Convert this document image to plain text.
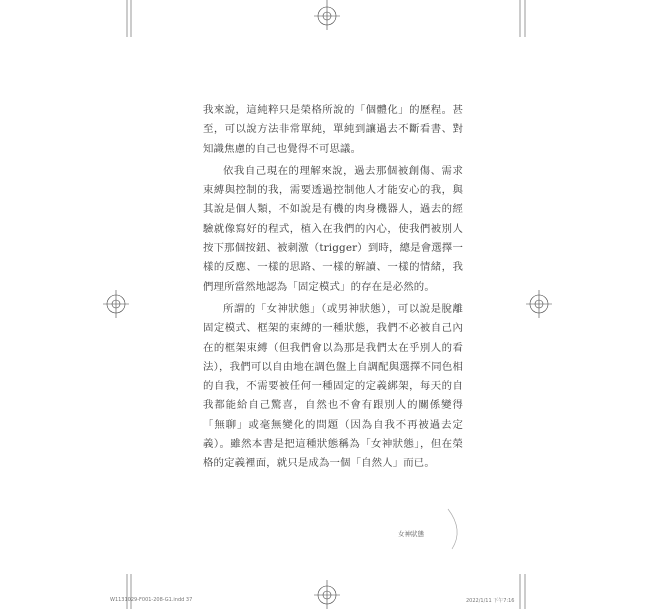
我來說，這純粹只是榮格所說的「個體化」的歷程。甚至，可以說方法非常單純，單純到讓過去不斷看書、對知識焦慮的自己也覺得不可思議。

依我自己現在的理解來說，過去那個被創傷、需求束縛與控制的我，需要透過控制他人才能安心的我，與其說是個人類，不如說是有機的肉身機器人，過去的經驗就像寫好的程式，植入在我們的內心，使我們被別人按下那個按鈕、被刺激（trigger）到時，總是會選擇一樣的反應、一樣的思路、一樣的解讀、一樣的情緒，我們理所當然地認為「固定模式」的存在是必然的。

所謂的「女神狀態」（或男神狀態），可以說是脫離固定模式、框架的束縛的一種狀態，我們不必被自己內在的框架束縛（但我們會以為那是我們太在乎別人的看法），我們可以自由地在調色盤上自調配與選擇不同色相的自我，不需要被任何一種固定的定義綁架，每天的自我都能給自己驚喜，自然也不會有跟別人的關係變得「無聊」或毫無變化的問題（因為自我不再被過去定義）。雖然本書是把這種狀態稱為「女神狀態」，但在榮格的定義裡面，就只是成為一個「自然人」而已。

女神狀態
W1131029-F001-208-G1.indd 37	2022/1/11 下午7:16
